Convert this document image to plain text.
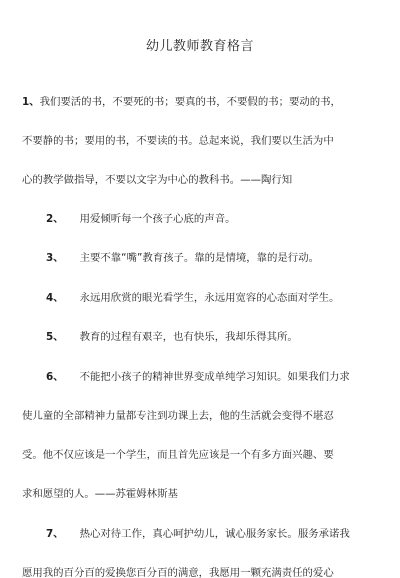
幼儿教师教育格言
1、我们要活的书，不要死的书；要真的书，不要假的书；要动的书，
不要静的书；要用的书，不要读的书。总起来说，我们要以生活为中
心的教学做指导，不要以文字为中心的教科书。——陶行知
2、 用爱倾听每一个孩子心底的声音。
3、 主要不靠“嘴”教育孩子。靠的是情境，靠的是行动。
4、 永远用欣赏的眼光看学生，永远用宽容的心态面对学生。
5、 教育的过程有艰辛，也有快乐，我却乐得其所。
6、 不能把小孩子的精神世界变成单纯学习知识。如果我们力求
使儿童的全部精神力量都专注到功课上去，他的生活就会变得不堪忍
受。他不仅应该是一个学生，而且首先应该是一个有多方面兴趣、要
求和愿望的人。——苏霍姆林斯基
7、 热心对待工作，真心呵护幼儿，诚心服务家长。服务承诺我
愿用我的百分百的爱换您百分百的满意，我愿用一颗充满责任的爱心
